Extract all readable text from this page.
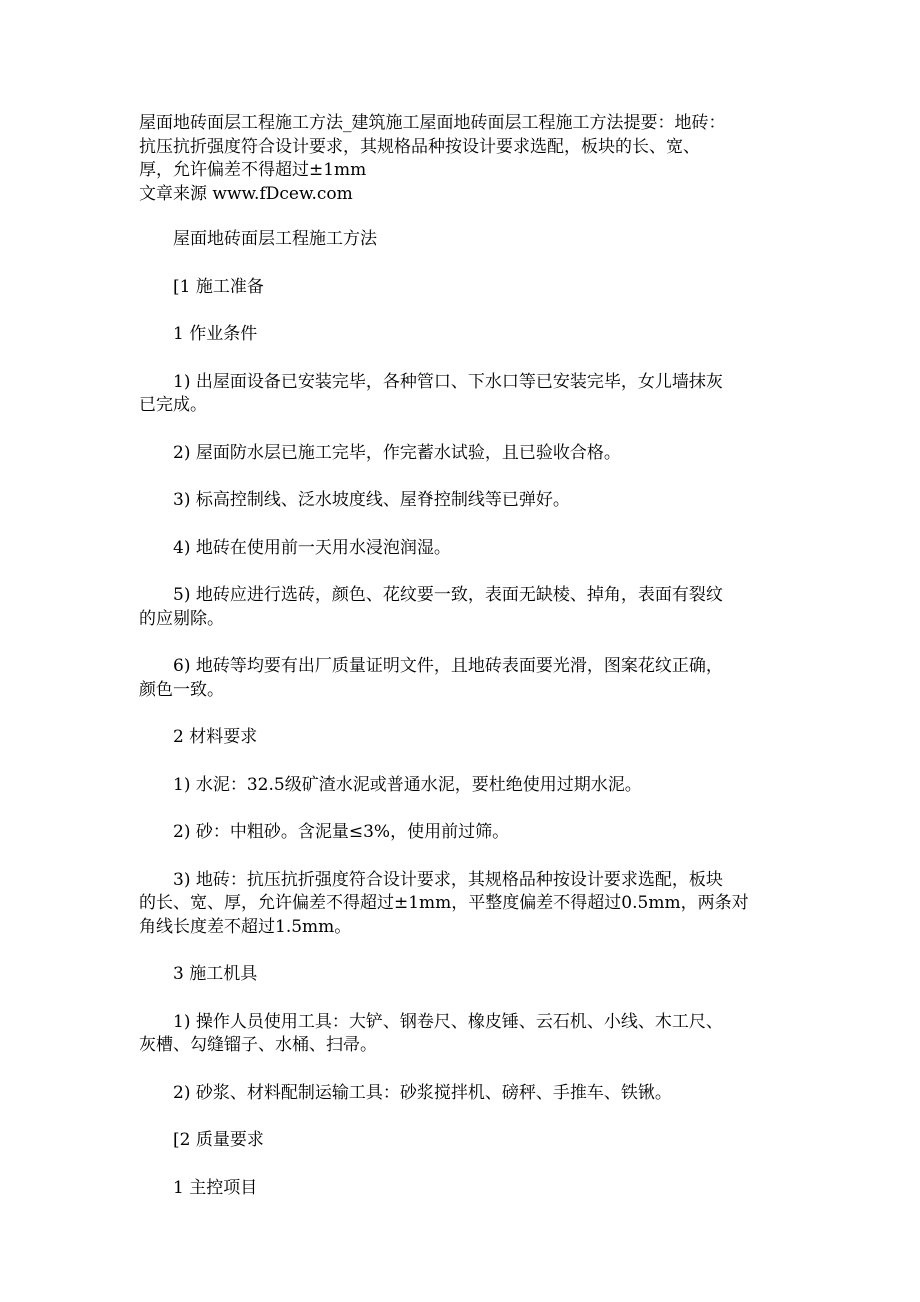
屋面地砖面层工程施工方法_建筑施工屋面地砖面层工程施工方法提要：地砖：
抗压抗折强度符合设计要求，其规格品种按设计要求选配，板块的长、宽、
厚，允许偏差不得超过±1mm
文章来源 www.fDcew.com
屋面地砖面层工程施工方法
[1 施工准备
1 作业条件
1) 出屋面设备已安装完毕，各种管口、下水口等已安装完毕，女儿墙抹灰
已完成。
2) 屋面防水层已施工完毕，作完蓄水试验，且已验收合格。
3) 标高控制线、泛水坡度线、屋脊控制线等已弹好。
4) 地砖在使用前一天用水浸泡润湿。
5) 地砖应进行选砖，颜色、花纹要一致，表面无缺棱、掉角，表面有裂纹
的应剔除。
6) 地砖等均要有出厂质量证明文件，且地砖表面要光滑，图案花纹正确，
颜色一致。
2 材料要求
1) 水泥：32.5级矿渣水泥或普通水泥，要杜绝使用过期水泥。
2) 砂：中粗砂。含泥量≤3%，使用前过筛。
3) 地砖：抗压抗折强度符合设计要求，其规格品种按设计要求选配，板块
的长、宽、厚，允许偏差不得超过±1mm，平整度偏差不得超过0.5mm，两条对
角线长度差不超过1.5mm。
3 施工机具
1) 操作人员使用工具：大铲、钢卷尺、橡皮锤、云石机、小线、木工尺、
灰槽、勾缝镏子、水桶、扫帚。
2) 砂浆、材料配制运输工具：砂浆搅拌机、磅秤、手推车、铁锹。
[2 质量要求
1 主控项目
